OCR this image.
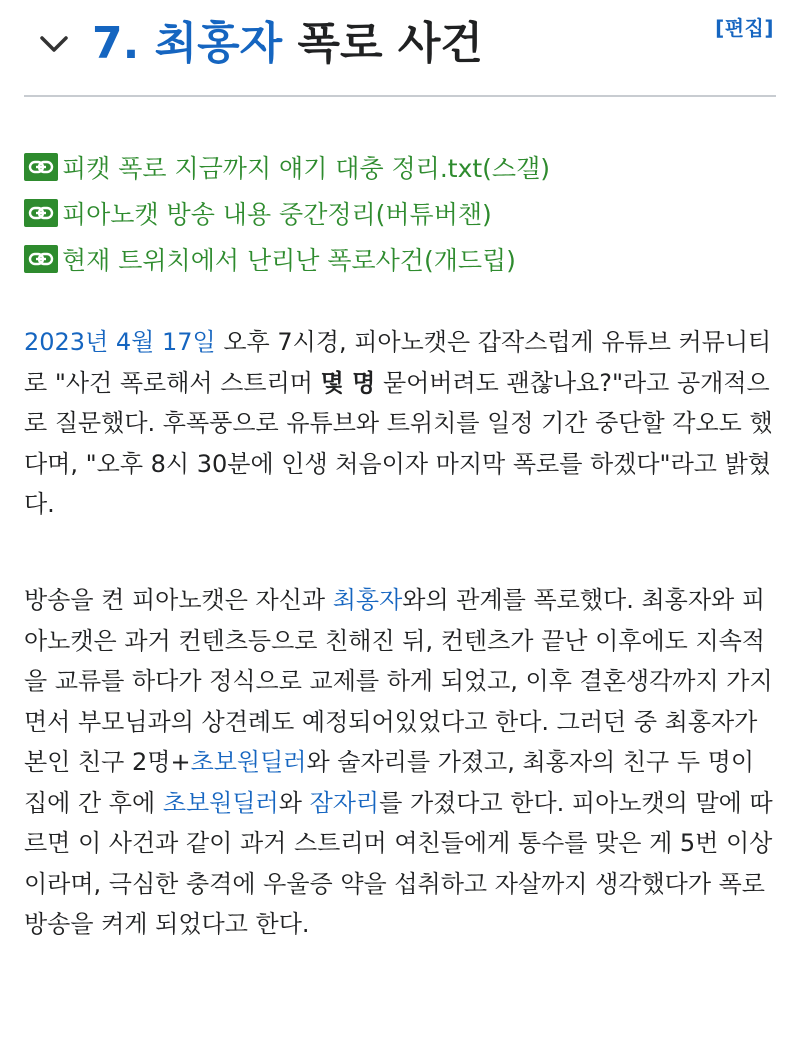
7. 최홍자 폭로 사건	[편집]
피캣 폭로 지금까지 얘기 대충 정리.txt(스갤)
피아노캣 방송 내용 중간정리(버튜버챈)
현재 트위치에서 난리난 폭로사건(개드립)
2023년 4월 17일 오후 7시경, 피아노캣은 갑작스럽게 유튜브 커뮤니티로 "사건 폭로해서 스트리머 몇 명 묻어버려도 괜찮나요?"라고 공개적으로 질문했다. 후폭풍으로 유튜브와 트위치를 일정 기간 중단할 각오도 했다며, "오후 8시 30분에 인생 처음이자 마지막 폭로를 하겠다"라고 밝혔다.
방송을 켠 피아노캣은 자신과 최홍자와의 관계를 폭로했다. 최홍자와 피아노캣은 과거 컨텐츠등으로 친해진 뒤, 컨텐츠가 끝난 이후에도 지속적을 교류를 하다가 정식으로 교제를 하게 되었고, 이후 결혼생각까지 가지면서 부모님과의 상견례도 예정되어있었다고 한다. 그러던 중 최홍자가 본인 친구 2명+초보원딜러와 술자리를 가졌고, 최홍자의 친구 두 명이 집에 간 후에 초보원딜러와 잠자리를 가졌다고 한다. 피아노캣의 말에 따르면 이 사건과 같이 과거 스트리머 여친들에게 통수를 맞은 게 5번 이상이라며, 극심한 충격에 우울증 약을 섭취하고 자살까지 생각했다가 폭로 방송을 켜게 되었다고 한다.
